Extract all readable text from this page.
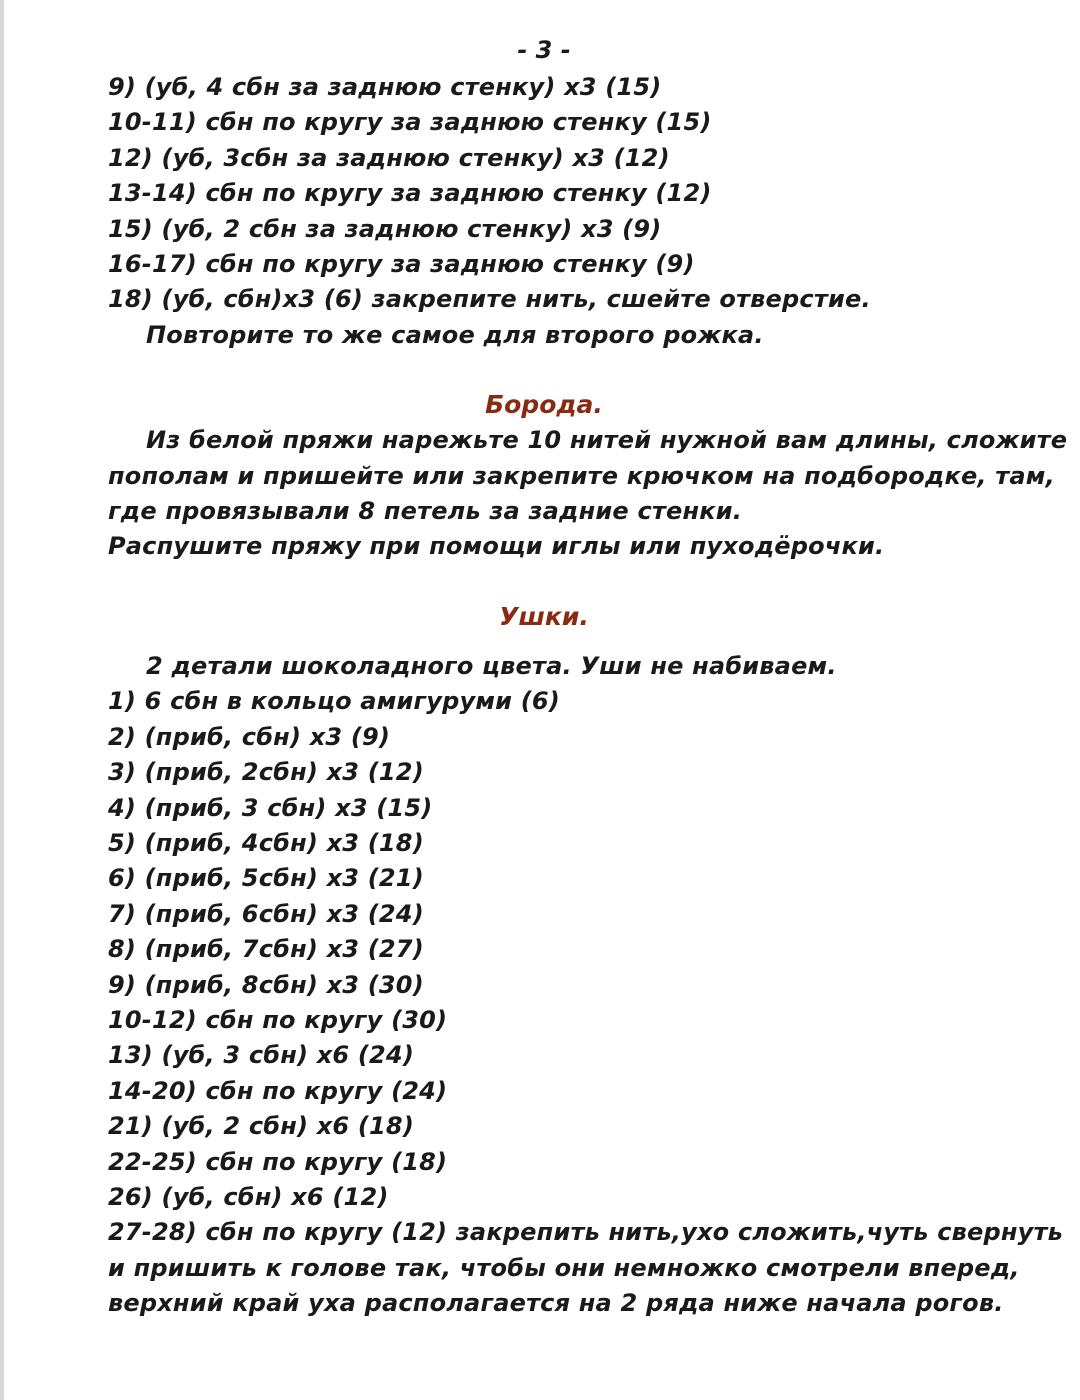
- 3 -
9) (уб, 4 сбн за заднюю стенку) х3 (15)
10-11) сбн по кругу за заднюю стенку (15)
12) (уб, 3сбн за заднюю стенку) х3 (12)
13-14) сбн по кругу за заднюю стенку (12)
15) (уб, 2 сбн за заднюю стенку) х3 (9)
16-17) сбн по кругу за заднюю стенку (9)
18) (уб, сбн)х3 (6) закрепите нить, сшейте отверстие.
Повторите то же самое для второго рожка.
Борода.
Из белой пряжи нарежьте 10 нитей нужной вам длины, сложите
пополам и пришейте или закрепите крючком на подбородке, там,
где провязывали 8 петель за задние стенки.
Распушите пряжу при помощи иглы или пуходёрочки.
Ушки.
2 детали шоколадного цвета. Уши не набиваем.
1) 6 сбн в кольцо амигуруми (6)
2) (приб, сбн) х3 (9)
3) (приб, 2сбн) х3 (12)
4) (приб, 3 сбн) х3 (15)
5) (приб, 4сбн) х3 (18)
6) (приб, 5сбн) х3 (21)
7) (приб, 6сбн) х3 (24)
8) (приб, 7сбн) х3 (27)
9) (приб, 8сбн) х3 (30)
10-12) сбн по кругу (30)
13) (уб, 3 сбн) х6 (24)
14-20) сбн по кругу (24)
21) (уб, 2 сбн) х6 (18)
22-25) сбн по кругу (18)
26) (уб, сбн) х6 (12)
27-28) сбн по кругу (12) закрепить нить,ухо сложить,чуть свернуть
и пришить к голове так, чтобы они немножко смотрели вперед,
верхний край уха располагается на 2 ряда ниже начала рогов.
